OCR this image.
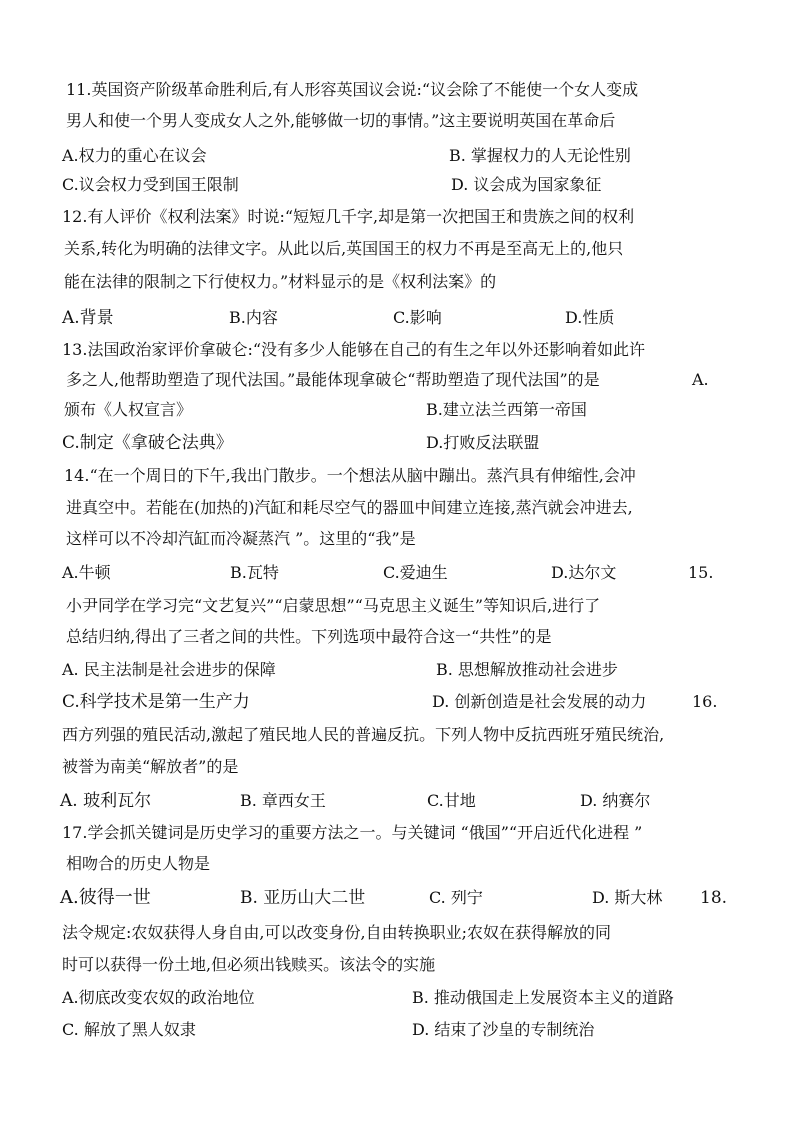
11.英国资产阶级革命胜利后,有人形容英国议会说:“议会除了不能使一个女人变成
男人和使一个男人变成女人之外,能够做一切的事情。”这主要说明英国在革命后
A.权力的重心在议会	B. 掌握权力的人无论性别
C.议会权力受到国王限制	D. 议会成为国家象征
12.有人评价《权利法案》时说:“短短几千字,却是第一次把国王和贵族之间的权利
关系,转化为明确的法律文字。从此以后,英国国王的权力不再是至高无上的,他只
能在法律的限制之下行使权力。”材料显示的是《权利法案》的
A.背景	B.内容	C.影响	D.性质
13.法国政治家评价拿破仑:“没有多少人能够在自己的有生之年以外还影响着如此许
多之人,他帮助塑造了现代法国。”最能体现拿破仑“帮助塑造了现代法国”的是	A.
颁布《人权宣言》	B.建立法兰西第一帝国
C.制定《拿破仑法典》	D.打败反法联盟
14.“在一个周日的下午,我出门散步。一个想法从脑中蹦出。蒸汽具有伸缩性,会冲
进真空中。若能在(加热的)汽缸和耗尽空气的器皿中间建立连接,蒸汽就会冲进去,
这样可以不冷却汽缸而冷凝蒸汽 ”。这里的“我”是
A.牛顿	B.瓦特	C.爱迪生	D.达尔文	15.
小尹同学在学习完“文艺复兴”“启蒙思想”“马克思主义诞生”等知识后,进行了
总结归纳,得出了三者之间的共性。下列选项中最符合这一“共性”的是
A. 民主法制是社会进步的保障	B. 思想解放推动社会进步
C.科学技术是第一生产力	D. 创新创造是社会发展的动力	16.
西方列强的殖民活动,激起了殖民地人民的普遍反抗。下列人物中反抗西班牙殖民统治,
被誉为南美“解放者”的是
A. 玻利瓦尔	B. 章西女王	C.甘地	D. 纳赛尔
17.学会抓关键词是历史学习的重要方法之一。与关键词 “俄国”“开启近代化进程 ”
相吻合的历史人物是
A.彼得一世	B. 亚历山大二世	C. 列宁	D. 斯大林 18.
法令规定:农奴获得人身自由,可以改变身份,自由转换职业;农奴在获得解放的同
时可以获得一份土地,但必须出钱赎买。该法令的实施
A.彻底改变农奴的政治地位	B. 推动俄国走上发展资本主义的道路
C. 解放了黑人奴隶	D. 结束了沙皇的专制统治
